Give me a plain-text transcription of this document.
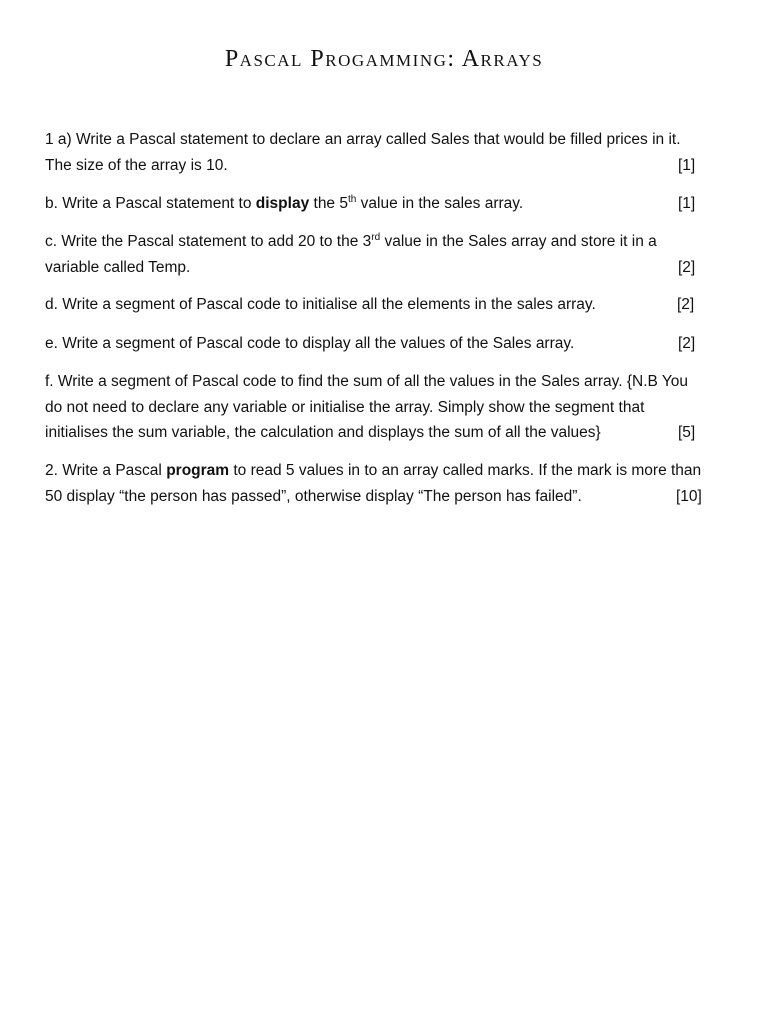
Pascal Progamming: Arrays
1 a) Write a Pascal statement to declare an array called Sales that would be filled prices in it.
The size of the array is 10.	[1]
b. Write a Pascal statement to display the 5th value in the sales array.	[1]
c. Write the Pascal statement to add 20 to the 3rd value in the Sales array and store it in a
variable called Temp.	[2]
d. Write a segment of Pascal code to initialise all the elements in the sales array.	[2]
e. Write a segment of Pascal code to display all the values of the Sales array.	[2]
f. Write a segment of Pascal code to find the sum of all the values in the Sales array. {N.B You
do not need to declare any variable or initialise the array. Simply show the segment that
initialises the sum variable, the calculation and displays the sum of all the values}	[5]
2. Write a Pascal program to read 5 values in to an array called marks. If the mark is more than
50 display “the person has passed”, otherwise display “The person has failed”.	[10]
